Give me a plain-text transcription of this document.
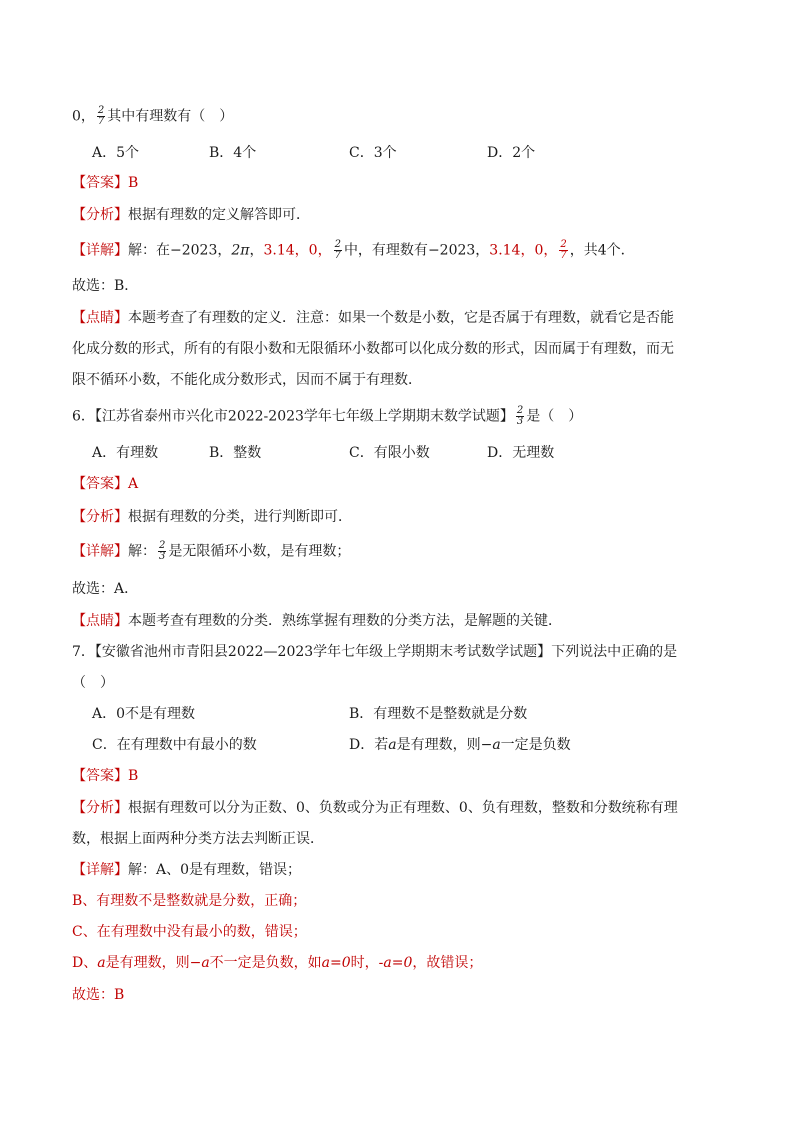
0， $\frac{2}{7}$ 其中有理数有（　）
A．5个	B．4个	C．3个	D．2个
【答案】B
【分析】根据有理数的定义解答即可．
【详解】解：在−2023，2π，3.14，0， $\frac{2}{7}$ 中，有理数有−2023，3.14，0， $\frac{2}{7}$ ，共4个．
故选：B．
【点睛】本题考查了有理数的定义．注意：如果一个数是小数，它是否属于有理数，就看它是否能
化成分数的形式，所有的有限小数和无限循环小数都可以化成分数的形式，因而属于有理数，而无
限不循环小数，不能化成分数形式，因而不属于有理数．
6．【江苏省泰州市兴化市2022-2023学年七年级上学期期末数学试题】 $\frac{2}{3}$ 是（　）
A．有理数	B．整数	C．有限小数	D．无理数
【答案】A
【分析】根据有理数的分类，进行判断即可．
【详解】解： $\frac{2}{3}$ 是无限循环小数，是有理数；
故选：A．
【点睛】本题考查有理数的分类．熟练掌握有理数的分类方法，是解题的关键．
7．【安徽省池州市青阳县2022—2023学年七年级上学期期末考试数学试题】下列说法中正确的是
（　）
A．0不是有理数	B．有理数不是整数就是分数
C．在有理数中有最小的数	D．若a是有理数，则−a一定是负数
【答案】B
【分析】根据有理数可以分为正数、0、负数或分为正有理数、0、负有理数，整数和分数统称有理
数，根据上面两种分类方法去判断正误．
【详解】解：A、0是有理数，错误；
B、有理数不是整数就是分数，正确；
C、在有理数中没有最小的数，错误；
D、a是有理数，则−a不一定是负数，如a=0时，-a=0，故错误；
故选：B
